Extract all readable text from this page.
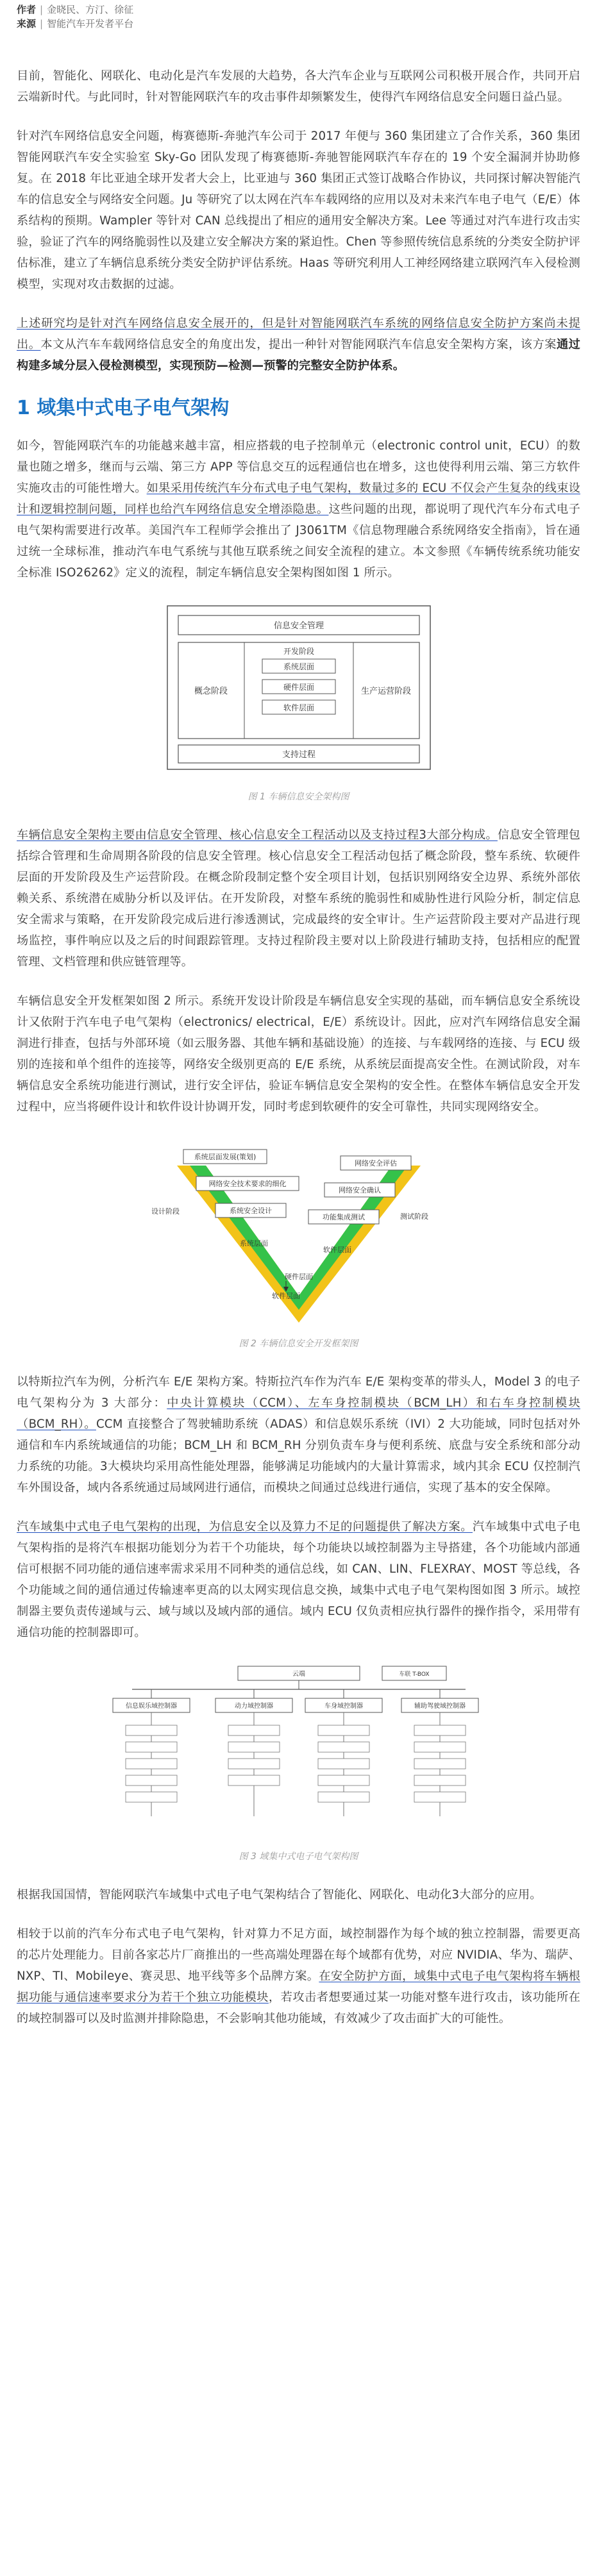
作者 | 金晓民、方汀、徐征
来源 | 智能汽车开发者平台

目前，智能化、网联化、电动化是汽车发展的大趋势，各大汽车企业与互联网公司积极开展合作，共同开启云端新时代。与此同时，针对智能网联汽车的攻击事件却频繁发生，使得汽车网络信息安全问题日益凸显。

针对汽车网络信息安全问题，梅赛德斯-奔驰汽车公司于 2017 年便与 360 集团建立了合作关系，360 集团智能网联汽车安全实验室 Sky-Go 团队发现了梅赛德斯-奔驰智能网联汽车存在的 19 个安全漏洞并协助修复。在 2018 年比亚迪全球开发者大会上，比亚迪与 360 集团正式签订战略合作协议，共同探讨解决智能汽车的信息安全与网络安全问题。Ju 等研究了以太网在汽车车载网络的应用以及对未来汽车电子电气（E/E）体系结构的预期。Wampler 等针对 CAN 总线提出了相应的通用安全解决方案。Lee 等通过对汽车进行攻击实验，验证了汽车的网络脆弱性以及建立安全解决方案的紧迫性。Chen 等参照传统信息系统的分类安全防护评估标准，建立了车辆信息系统分类安全防护评估系统。Haas 等研究利用人工神经网络建立联网汽车入侵检测模型，实现对攻击数据的过滤。

上述研究均是针对汽车网络信息安全展开的，但是针对智能网联汽车系统的网络信息安全防护方案尚未提出。本文从汽车车载网络信息安全的角度出发，提出一种针对智能网联汽车信息安全架构方案，该方案通过构建多域分层入侵检测模型，实现预防—检测—预警的完整安全防护体系。

1 域集中式电子电气架构

如今，智能网联汽车的功能越来越丰富，相应搭载的电子控制单元（electronic control unit，ECU）的数量也随之增多，继而与云端、第三方 APP 等信息交互的远程通信也在增多，这也使得利用云端、第三方软件实施攻击的可能性增大。如果采用传统汽车分布式电子电气架构，数量过多的 ECU 不仅会产生复杂的线束设计和逻辑控制问题，同样也给汽车网络信息安全增添隐患。这些问题的出现，都说明了现代汽车分布式电子电气架构需要进行改革。美国汽车工程师学会推出了 J3061TM《信息物理融合系统网络安全指南》，旨在通过统一全球标准，推动汽车电气系统与其他互联系统之间安全流程的建立。本文参照《车辆传统系统功能安全标准 ISO26262》定义的流程，制定车辆信息安全架构图如图 1 所示。

信息安全管理
概念阶段
开发阶段
系统层面
硬件层面
软件层面
生产运营阶段
支持过程
图 1 车辆信息安全架构图

车辆信息安全架构主要由信息安全管理、核心信息安全工程活动以及支持过程3大部分构成。信息安全管理包括综合管理和生命周期各阶段的信息安全管理。核心信息安全工程活动包括了概念阶段，整车系统、软硬件层面的开发阶段及生产运营阶段。在概念阶段制定整个安全项目计划，包括识别网络安全边界、系统外部依赖关系、系统潜在威胁分析以及评估。在开发阶段，对整车系统的脆弱性和威胁性进行风险分析，制定信息安全需求与策略，在开发阶段完成后进行渗透测试，完成最终的安全审计。生产运营阶段主要对产品进行现场监控，事件响应以及之后的时间跟踪管理。支持过程阶段主要对以上阶段进行辅助支持，包括相应的配置管理、文档管理和供应链管理等。

车辆信息安全开发框架如图 2 所示。系统开发设计阶段是车辆信息安全实现的基础，而车辆信息安全系统设计又依附于汽车电子电气架构（electronics/ electrical，E/E）系统设计。因此，应对汽车网络信息安全漏洞进行排查，包括与外部环境（如云服务器、其他车辆和基础设施）的连接、与车载网络的连接、与 ECU 级别的连接和单个组件的连接等，网络安全级别更高的 E/E 系统，从系统层面提高安全性。在测试阶段，对车辆信息安全系统功能进行测试，进行安全评估，验证车辆信息安全架构的安全性。在整体车辆信息安全开发过程中，应当将硬件设计和软件设计协调开发，同时考虑到软硬件的安全可靠性，共同实现网络安全。

系统层面发展(策划)
网络安全技术要求的细化
系统安全设计
设计阶段
网络安全评估
网络安全确认
功能集成测试	测试阶段
系统层面
软件层面
硬件层面
软件层面
图 2 车辆信息安全开发框架图

以特斯拉汽车为例，分析汽车 E/E 架构方案。特斯拉汽车作为汽车 E/E 架构变革的带头人，Model 3 的电子电气架构分为 3 大部分：中央计算模块（CCM）、左车身控制模块（BCM_LH）和右车身控制模块（BCM_RH）。CCM 直接整合了驾驶辅助系统（ADAS）和信息娱乐系统（IVI）2 大功能域，同时包括对外通信和车内系统域通信的功能；BCM_LH 和 BCM_RH 分别负责车身与便利系统、底盘与安全系统和部分动力系统的功能。3大模块均采用高性能处理器，能够满足功能域内的大量计算需求，域内其余 ECU 仅控制汽车外围设备，域内各系统通过局域网进行通信，而模块之间通过总线进行通信，实现了基本的安全保障。

汽车域集中式电子电气架构的出现，为信息安全以及算力不足的问题提供了解决方案。汽车域集中式电子电气架构指的是将汽车根据功能划分为若干个功能块，每个功能块以域控制器为主导搭建，各个功能域内部通信可根据不同功能的通信速率需求采用不同种类的通信总线，如 CAN、LIN、FLEXRAY、MOST 等总线，各个功能域之间的通信通过传输速率更高的以太网实现信息交换，域集中式电子电气架构图如图 3 所示。域控制器主要负责传递域与云、域与域以及域内部的通信。域内 ECU 仅负责相应执行器件的操作指令，采用带有通信功能的控制器即可。

云端	车联 T-BOX
信息娱乐域控制器	动力域控制器	车身域控制器	辅助驾驶域控制器
图 3 域集中式电子电气架构图

根据我国国情，智能网联汽车域集中式电子电气架构结合了智能化、网联化、电动化3大部分的应用。

相较于以前的汽车分布式电子电气架构，针对算力不足方面，域控制器作为每个域的独立控制器，需要更高的芯片处理能力。目前各家芯片厂商推出的一些高端处理器在每个域都有优势，对应 NVIDIA、华为、瑞萨、NXP、TI、Mobileye、赛灵思、地平线等多个品牌方案。在安全防护方面，域集中式电子电气架构将车辆根据功能与通信速率要求分为若干个独立功能模块，若攻击者想要通过某一功能对整车进行攻击，该功能所在的域控制器可以及时监测并排除隐患，不会影响其他功能域，有效减少了攻击面扩大的可能性。
